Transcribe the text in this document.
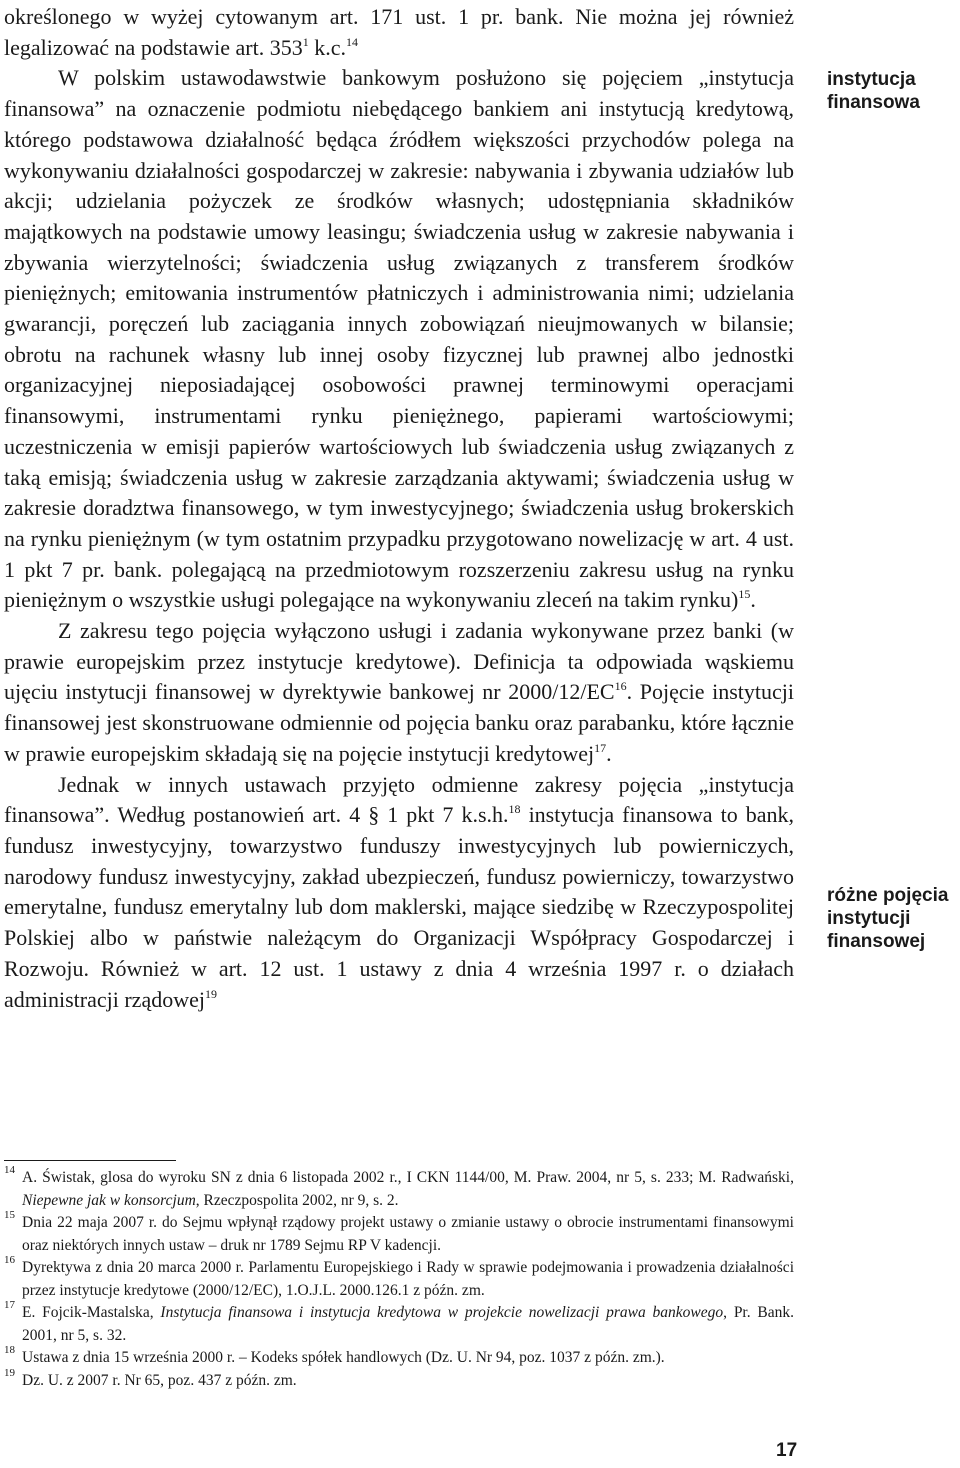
określonego w wyżej cytowanym art. 171 ust. 1 pr. bank. Nie można jej również legalizować na podstawie art. $353^1$ k.c.$^{14}$

W polskim ustawodawstwie bankowym posłużono się pojęciem „instytucja finansowa” na oznaczenie podmiotu niebędącego bankiem ani instytucją kredytową, którego podstawowa działalność będąca źródłem większości przychodów polega na wykonywaniu działalności gospodarczej w zakresie: nabywania i zbywania udziałów lub akcji; udzielania pożyczek ze środków własnych; udostępniania składników majątkowych na podstawie umowy leasingu; świadczenia usług w zakresie nabywania i zbywania wierzytelności; świadczenia usług związanych z transferem środków pieniężnych; emitowania instrumentów płatniczych i administrowania nimi; udzielania gwarancji, poręczeń lub zaciągania innych zobowiązań nieujmowanych w bilansie; obrotu na rachunek własny lub innej osoby fizycznej lub prawnej albo jednostki organizacyjnej nieposiadającej osobowości prawnej terminowymi operacjami finansowymi, instrumentami rynku pieniężnego, papierami wartościowymi; uczestniczenia w emisji papierów wartościowych lub świadczenia usług związanych z taką emisją; świadczenia usług w zakresie zarządzania aktywami; świadczenia usług w zakresie doradztwa finansowego, w tym inwestycyjnego; świadczenia usług brokerskich na rynku pieniężnym (w tym ostatnim przypadku przygotowano nowelizację w art. 4 ust. 1 pkt 7 pr. bank. polegającą na przedmiotowym rozszerzeniu zakresu usług na rynku pieniężnym o wszystkie usługi polegające na wykonywaniu zleceń na takim rynku)$^{15}$.

Z zakresu tego pojęcia wyłączono usługi i zadania wykonywane przez banki (w prawie europejskim przez instytucje kredytowe). Definicja ta odpowiada wąskiemu ujęciu instytucji finansowej w dyrektywie bankowej nr 2000/12/EC$^{16}$. Pojęcie instytucji finansowej jest skonstruowane odmiennie od pojęcia banku oraz parabanku, które łącznie w prawie europejskim składają się na pojęcie instytucji kredytowej$^{17}$.

Jednak w innych ustawach przyjęto odmienne zakresy pojęcia „instytucja finansowa”. Według postanowień art. 4 § 1 pkt 7 k.s.h.$^{18}$ instytucja finansowa to bank, fundusz inwestycyjny, towarzystwo funduszy inwestycyjnych lub powierniczych, narodowy fundusz inwestycyjny, zakład ubezpieczeń, fundusz powierniczy, towarzystwo emerytalne, fundusz emerytalny lub dom maklerski, mające siedzibę w Rzeczypospolitej Polskiej albo w państwie należącym do Organizacji Współpracy Gospodarczej i Rozwoju. Również w art. 12 ust. 1 ustawy z dnia 4 września 1997 r. o działach administracji rządowej$^{19}$

instytucja
finansowa
różne pojęcia
instytucji
finansowej
14 A. Świstak, glosa do wyroku SN z dnia 6 listopada 2002 r., I CKN 1144/00, M. Praw. 2004, nr 5, s. 233; M. Radwański, Niepewne jak w konsorcjum, Rzeczpospolita 2002, nr 9, s. 2.
15 Dnia 22 maja 2007 r. do Sejmu wpłynął rządowy projekt ustawy o zmianie ustawy o obrocie instrumentami finansowymi oraz niektórych innych ustaw – druk nr 1789 Sejmu RP V kadencji.
16 Dyrektywa z dnia 20 marca 2000 r. Parlamentu Europejskiego i Rady w sprawie podejmowania i prowadzenia działalności przez instytucje kredytowe (2000/12/EC), 1.O.J.L. 2000.126.1 z późn. zm.
17 E. Fojcik-Mastalska, Instytucja finansowa i instytucja kredytowa w projekcie nowelizacji prawa bankowego, Pr. Bank. 2001, nr 5, s. 32.
18 Ustawa z dnia 15 września 2000 r. – Kodeks spółek handlowych (Dz. U. Nr 94, poz. 1037 z późn. zm.).
19 Dz. U. z 2007 r. Nr 65, poz. 437 z późn. zm.
17
